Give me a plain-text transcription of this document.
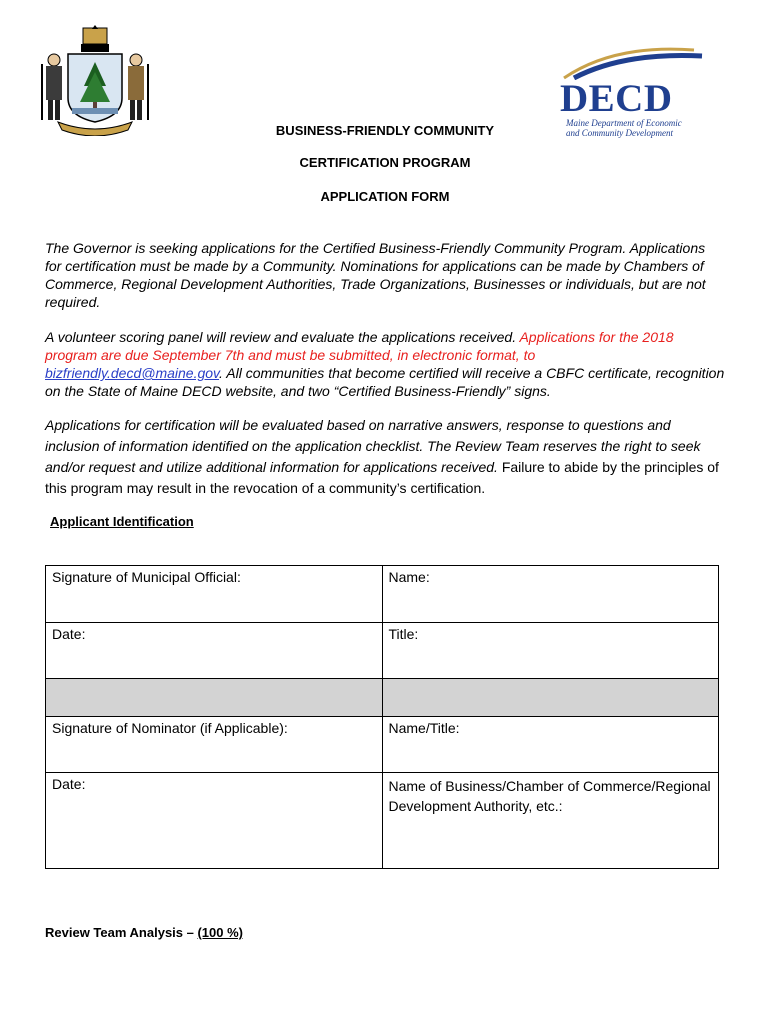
DECD
Maine Department of Economic
and Community Development
BUSINESS-FRIENDLY COMMUNITY
CERTIFICATION PROGRAM
APPLICATION FORM
The Governor is seeking applications for the Certified Business-Friendly Community Program. Applications for certification must be made by a Community. Nominations for applications can be made by Chambers of Commerce, Regional Development Authorities, Trade Organizations, Businesses or individuals, but are not required.
A volunteer scoring panel will review and evaluate the applications received. Applications for the 2018 program are due September 7th and must be submitted, in electronic format, to
bizfriendly.decd@maine.gov. All communities that become certified will receive a CBFC certificate, recognition on the State of Maine DECD website, and two “Certified Business-Friendly” signs.
Applications for certification will be evaluated based on narrative answers, response to questions and inclusion of information identified on the application checklist. The Review Team reserves the right to seek and/or request and utilize additional information for applications received. Failure to abide by the principles of this program may result in the revocation of a community’s certification.
Applicant Identification
Signature of Municipal Official:	Name:
Date:	Title:

Signature of Nominator (if Applicable):	Name/Title:
Date:	Name of Business/Chamber of Commerce/Regional Development Authority, etc.:
Review Team Analysis – (100 %)
